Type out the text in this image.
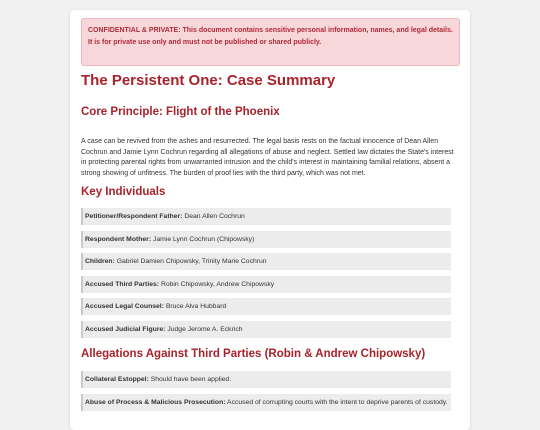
CONFIDENTIAL & PRIVATE: This document contains sensitive personal information, names, and legal details. It is for private use only and must not be published or shared publicly.
The Persistent One: Case Summary
Core Principle: Flight of the Phoenix
A case can be revived from the ashes and resurrected. The legal basis rests on the factual innocence of Dean Allen Cochrun and Jamie Lynn Cochrun regarding all allegations of abuse and neglect. Settled law dictates the State's interest in protecting parental rights from unwarranted intrusion and the child's interest in maintaining familial relations, absent a strong showing of unfitness. The burden of proof lies with the third party, which was not met.
Key Individuals
Petitioner/Respondent Father: Dean Allen Cochrun
Respondent Mother: Jamie Lynn Cochrun (Chipowsky)
Children: Gabriel Damien Chipowsky, Trinity Marie Cochrun
Accused Third Parties: Robin Chipowsky, Andrew Chipowsky
Accused Legal Counsel: Bruce Alva Hubbard
Accused Judicial Figure: Judge Jerome A. Eckrich
Allegations Against Third Parties (Robin & Andrew Chipowsky)
Collateral Estoppel: Should have been applied.
Abuse of Process & Malicious Prosecution: Accused of corrupting courts with the intent to deprive parents of custody.
